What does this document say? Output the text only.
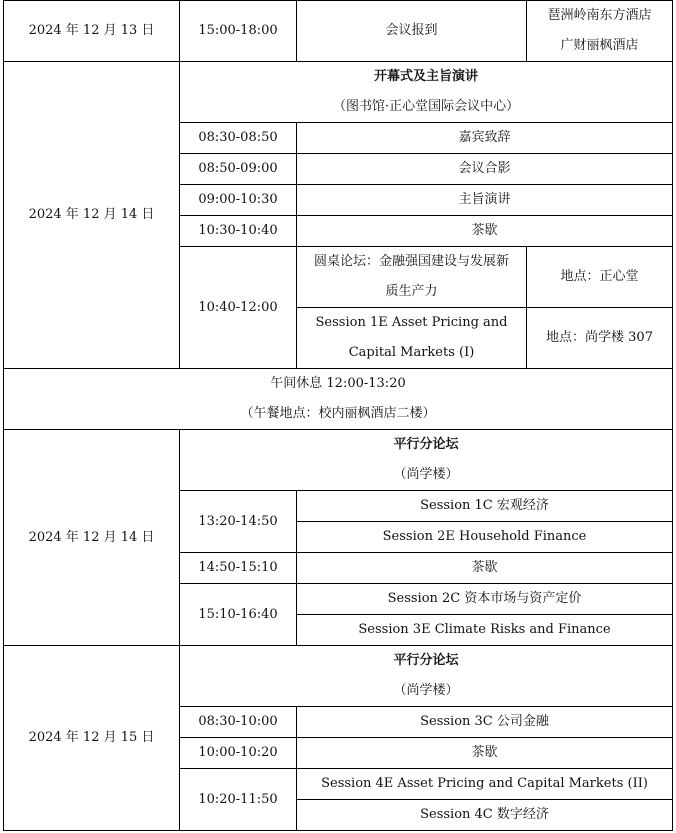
2024 年 12 月 13 日	15:00-18:00	会议报到	琶洲岭南东方酒店
			广财丽枫酒店
2024 年 12 月 14 日	开幕式及主旨演讲		
	（图书馆·正心堂国际会议中心）		
	08:30-08:50	嘉宾致辞	
	08:50-09:00	会议合影	
	09:00-10:30	主旨演讲	
	10:30-10:40	茶歇	
	10:40-12:00	圆桌论坛：金融强国建设与发展新	地点：正心堂
		质生产力	
		Session 1E Asset Pricing and	地点：尚学楼 307
		Capital Markets (I)	
午间休息 12:00-13:20			
（午餐地点：校内丽枫酒店二楼）			
2024 年 12 月 14 日	平行分论坛		
	（尚学楼）		
	13:20-14:50	Session 1C 宏观经济	
		Session 2E Household Finance	
	14:50-15:10	茶歇	
	15:10-16:40	Session 2C 资本市场与资产定价	
		Session 3E Climate Risks and Finance	
2024 年 12 月 15 日	平行分论坛		
	（尚学楼）		
	08:30-10:00	Session 3C 公司金融	
	10:00-10:20	茶歇	
	10:20-11:50	Session 4E Asset Pricing and Capital Markets (II)	
		Session 4C 数字经济	
